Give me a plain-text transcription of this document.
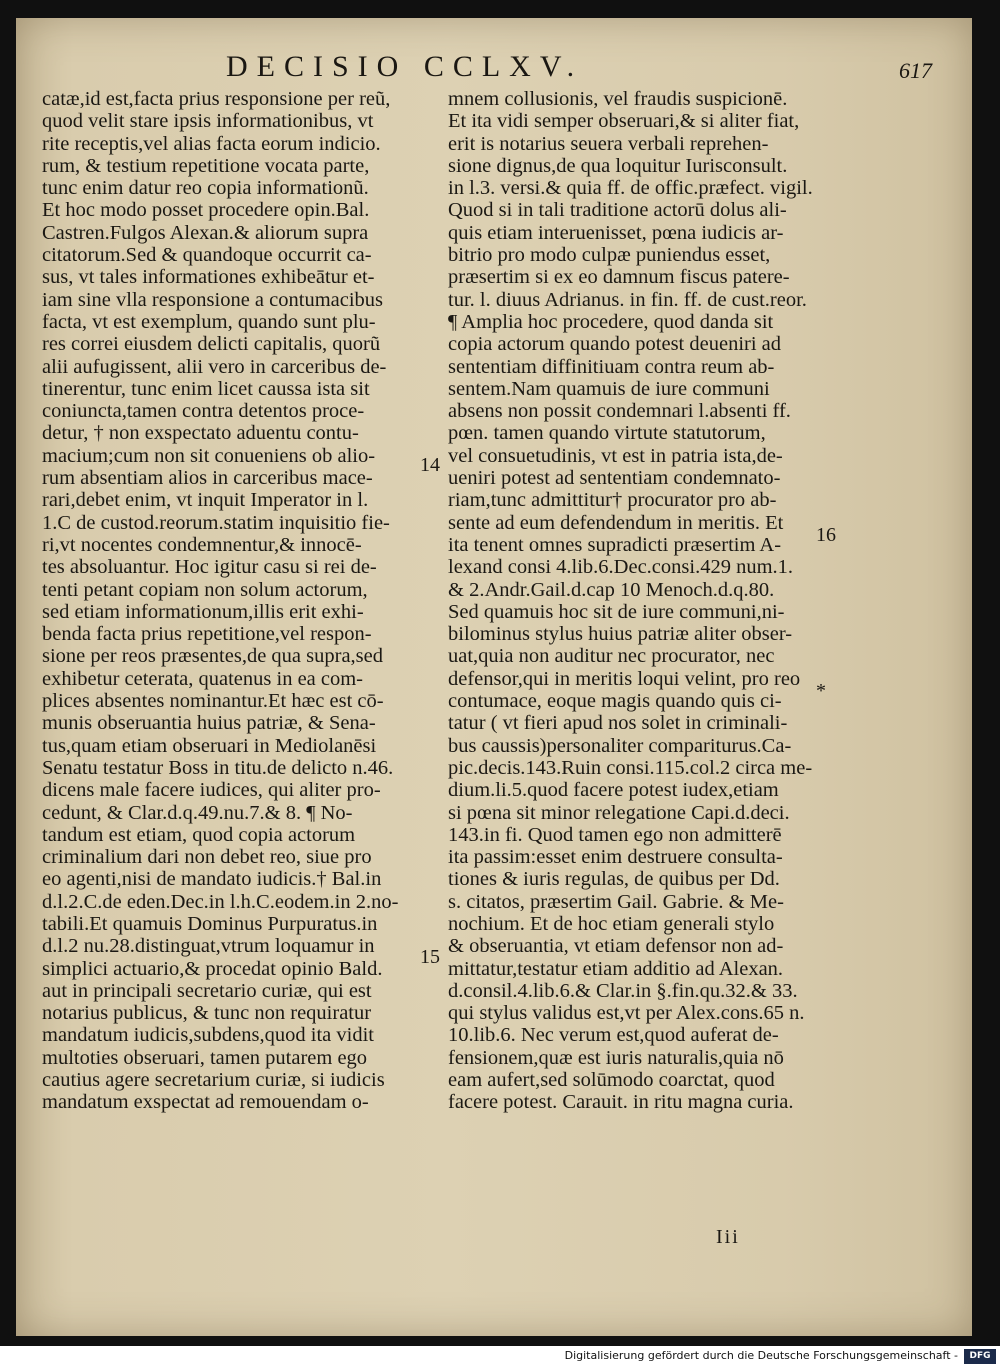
DECISIO CCLXV.	617
catæ,id est,facta prius responsione per reũ,
quod velit stare ipsis informationibus, vt
rite receptis,vel alias facta eorum indicio.
rum, & testium repetitione vocata parte,
tunc enim datur reo copia informationũ.
Et hoc modo posset procedere opin.Bal.
Castren.Fulgos Alexan.& aliorum supra
citatorum.Sed & quandoque occurrit ca-
sus, vt tales informationes exhibeātur et-
iam sine vlla responsione a contumacibus
facta, vt est exemplum, quando sunt plu-
res correi eiusdem delicti capitalis, quorũ
alii aufugissent, alii vero in carceribus de-
tinerentur, tunc enim licet caussa ista sit
coniuncta,tamen contra detentos proce-
detur, † non exspectato aduentu contu-
macium;cum non sit conueniens ob alio-
rum absentiam alios in carceribus mace-
rari,debet enim, vt inquit Imperator in l.
1.C de custod.reorum.statim inquisitio fie-
ri,vt nocentes condemnentur,& innocē-
tes absoluantur. Hoc igitur casu si rei de-
tenti petant copiam non solum actorum,
sed etiam informationum,illis erit exhi-
benda facta prius repetitione,vel respon-
sione per reos præsentes,de qua supra,sed
exhibetur ceterata, quatenus in ea com-
plices absentes nominantur.Et hæc est cō-
munis obseruantia huius patriæ, & Sena-
tus,quam etiam obseruari in Mediolanēsi
Senatu testatur Boss in titu.de delicto n.46.
dicens male facere iudices, qui aliter pro-
cedunt, & Clar.d.q.49.nu.7.& 8. ¶ No-
tandum est etiam, quod copia actorum
criminalium dari non debet reo, siue pro
eo agenti,nisi de mandato iudicis.† Bal.in
d.l.2.C.de eden.Dec.in l.h.C.eodem.in 2.no-
tabili.Et quamuis Dominus Purpuratus.in
d.l.2 nu.28.distinguat,vtrum loquamur in
simplici actuario,& procedat opinio Bald.
aut in principali secretario curiæ, qui est
notarius publicus, & tunc non requiratur
mandatum iudicis,subdens,quod ita vidit
multoties obseruari, tamen putarem ego
cautius agere secretarium curiæ, si iudicis
mandatum exspectat ad remouendam o-
mnem collusionis, vel fraudis suspicionē.
Et ita vidi semper obseruari,& si aliter fiat,
erit is notarius seuera verbali reprehen-
sione dignus,de qua loquitur Iurisconsult.
in l.3. versi.& quia ff. de offic.præfect. vigil.
Quod si in tali traditione actorū dolus ali-
quis etiam interuenisset, pœna iudicis ar-
bitrio pro modo culpæ puniendus esset,
præsertim si ex eo damnum fiscus patere-
tur. l. diuus Adrianus. in fin. ff. de cust.reor.
¶ Amplia hoc procedere, quod danda sit
copia actorum quando potest deueniri ad
sententiam diffinitiuam contra reum ab-
sentem.Nam quamuis de iure communi
absens non possit condemnari l.absenti ff.
pœn. tamen quando virtute statutorum,
vel consuetudinis, vt est in patria ista,de-
ueniri potest ad sententiam condemnato-
riam,tunc admittitur† procurator pro ab-
sente ad eum defendendum in meritis. Et
ita tenent omnes supradicti præsertim A-
lexand consi 4.lib.6.Dec.consi.429 num.1.
& 2.Andr.Gail.d.cap 10 Menoch.d.q.80.
Sed quamuis hoc sit de iure communi,ni-
bilominus stylus huius patriæ aliter obser-
uat,quia non auditur nec procurator, nec
defensor,qui in meritis loqui velint, pro reo
contumace, eoque magis quando quis ci-
tatur ( vt fieri apud nos solet in criminali-
bus caussis)personaliter compariturus.Ca-
pic.decis.143.Ruin consi.115.col.2 circa me-
dium.li.5.quod facere potest iudex,etiam
si pœna sit minor relegatione Capi.d.deci.
143.in fi. Quod tamen ego non admitterē
ita passim:esset enim destruere consulta-
tiones & iuris regulas, de quibus per Dd.
s. citatos, præsertim Gail. Gabrie. & Me-
nochium. Et de hoc etiam generali stylo
& obseruantia, vt etiam defensor non ad-
mittatur,testatur etiam additio ad Alexan.
d.consil.4.lib.6.& Clar.in §.fin.qu.32.& 33.
qui stylus validus est,vt per Alex.cons.65 n.
10.lib.6. Nec verum est,quod auferat de-
fensionem,quæ est iuris naturalis,quia nō
eam aufert,sed solūmodo coarctat, quod
facere potest. Carauit. in ritu magna curia.
14
15
16
*
Iii
Digitalisierung gefördert durch die Deutsche Forschungsgemeinschaft -	DFG
